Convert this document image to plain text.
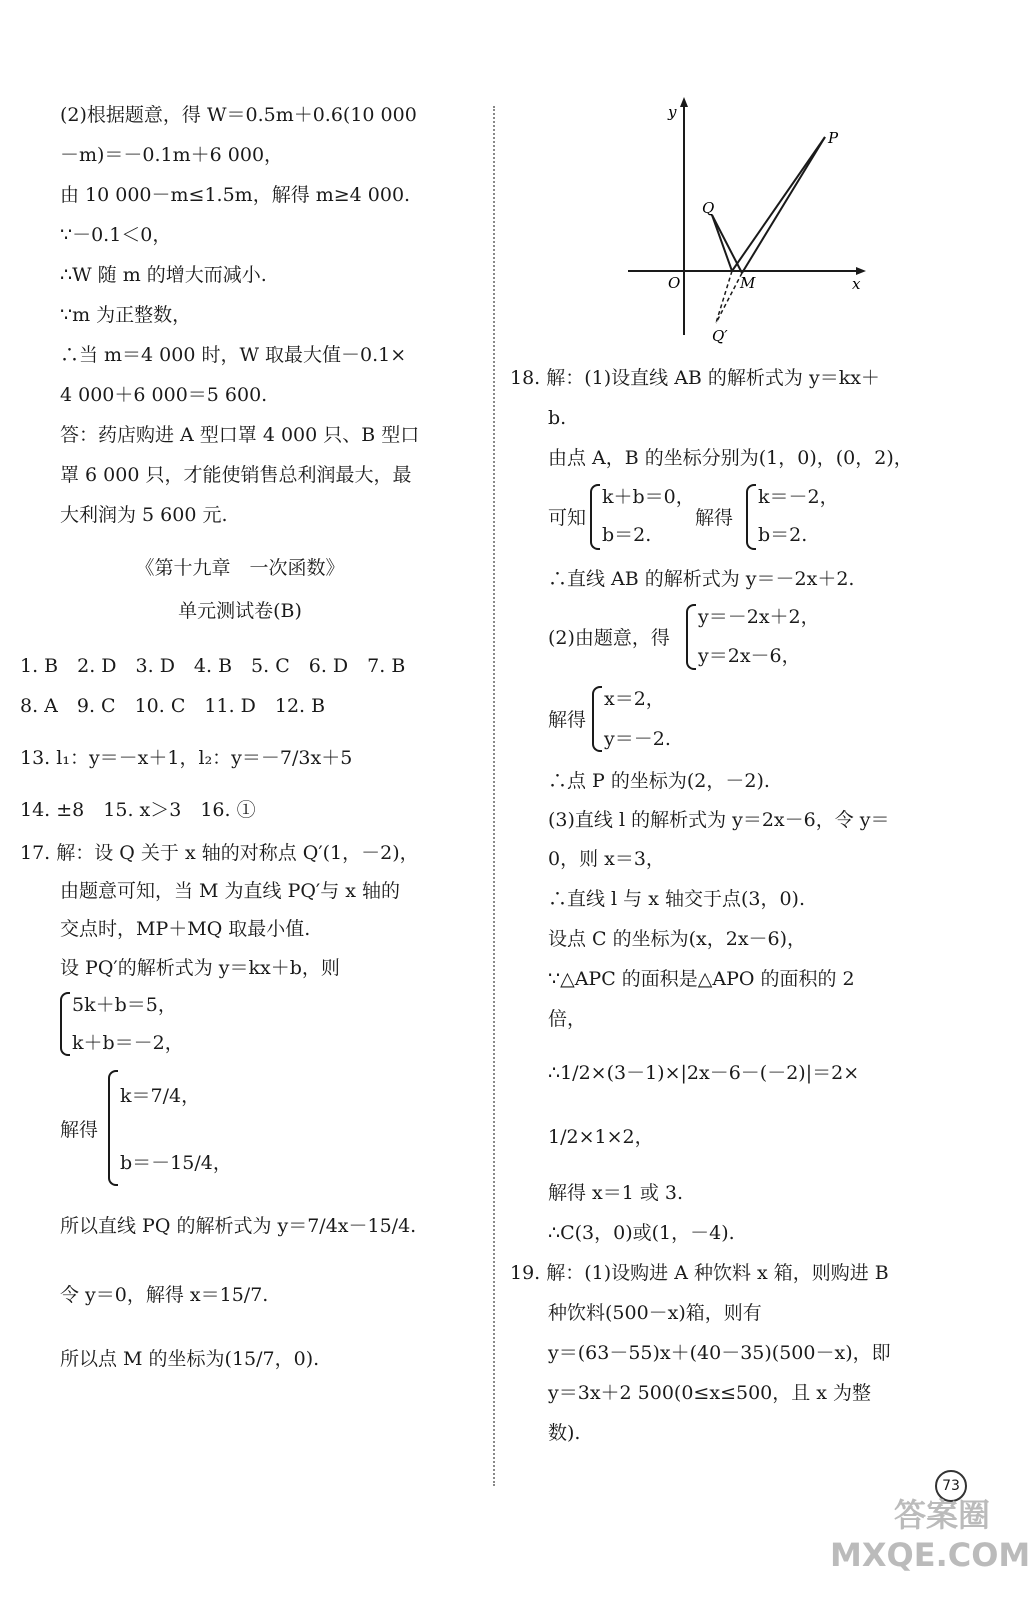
(2)根据题意，得 W＝0.5m＋0.6(10 000
－m)＝－0.1m＋6 000，
由 10 000－m≤1.5m，解得 m≥4 000.
∵－0.1＜0，
∴W 随 m 的增大而减小.
∵m 为正整数，
∴当 m＝4 000 时，W 取最大值－0.1×
4 000＋6 000＝5 600.
答：药店购进 A 型口罩 4 000 只、B 型口
罩 6 000 只，才能使销售总利润最大，最
大利润为 5 600 元.
《第十九章　一次函数》
单元测试卷(B)
1. B　2. D　3. D　4. B　5. C　6. D　7. B
8. A　9. C　10. C　11. D　12. B
13. l₁：y＝－x＋1，l₂：y＝－7/3x＋5
14. ±8　15. x＞3　16. ①
17. 解：设 Q 关于 x 轴的对称点 Q′(1，－2)，
由题意可知，当 M 为直线 PQ′与 x 轴的
交点时，MP＋MQ 取最小值.
设 PQ′的解析式为 y＝kx＋b，则
5k＋b＝5，
k＋b＝－2，
解得
k＝7/4，
b＝－15/4，
所以直线 PQ 的解析式为 y＝7/4x－15/4.
令 y＝0，解得 x＝15/7.
所以点 M 的坐标为(15/7，0).
y
x
O
P
Q
M
Q′
18. 解：(1)设直线 AB 的解析式为 y＝kx＋
b.
由点 A，B 的坐标分别为(1，0)，(0，2)，
可知
k＋b＝0，
b＝2.
解得
k＝－2，
b＝2.
∴直线 AB 的解析式为 y＝－2x＋2.
(2)由题意，得
y＝－2x＋2，
y＝2x－6，
解得
x＝2，
y＝－2.
∴点 P 的坐标为(2，－2).
(3)直线 l 的解析式为 y＝2x－6，令 y＝
0，则 x＝3，
∴直线 l 与 x 轴交于点(3，0).
设点 C 的坐标为(x，2x－6)，
∵△APC 的面积是△APO 的面积的 2
倍，
∴1/2×(3－1)×|2x－6－(－2)|＝2×
1/2×1×2，
解得 x＝1 或 3.
∴C(3，0)或(1，－4).
19. 解：(1)设购进 A 种饮料 x 箱，则购进 B
种饮料(500－x)箱，则有
y＝(63－55)x＋(40－35)(500－x)，即
y＝3x＋2 500(0≤x≤500，且 x 为整
数).
73
答案圈 MXQE.COM
